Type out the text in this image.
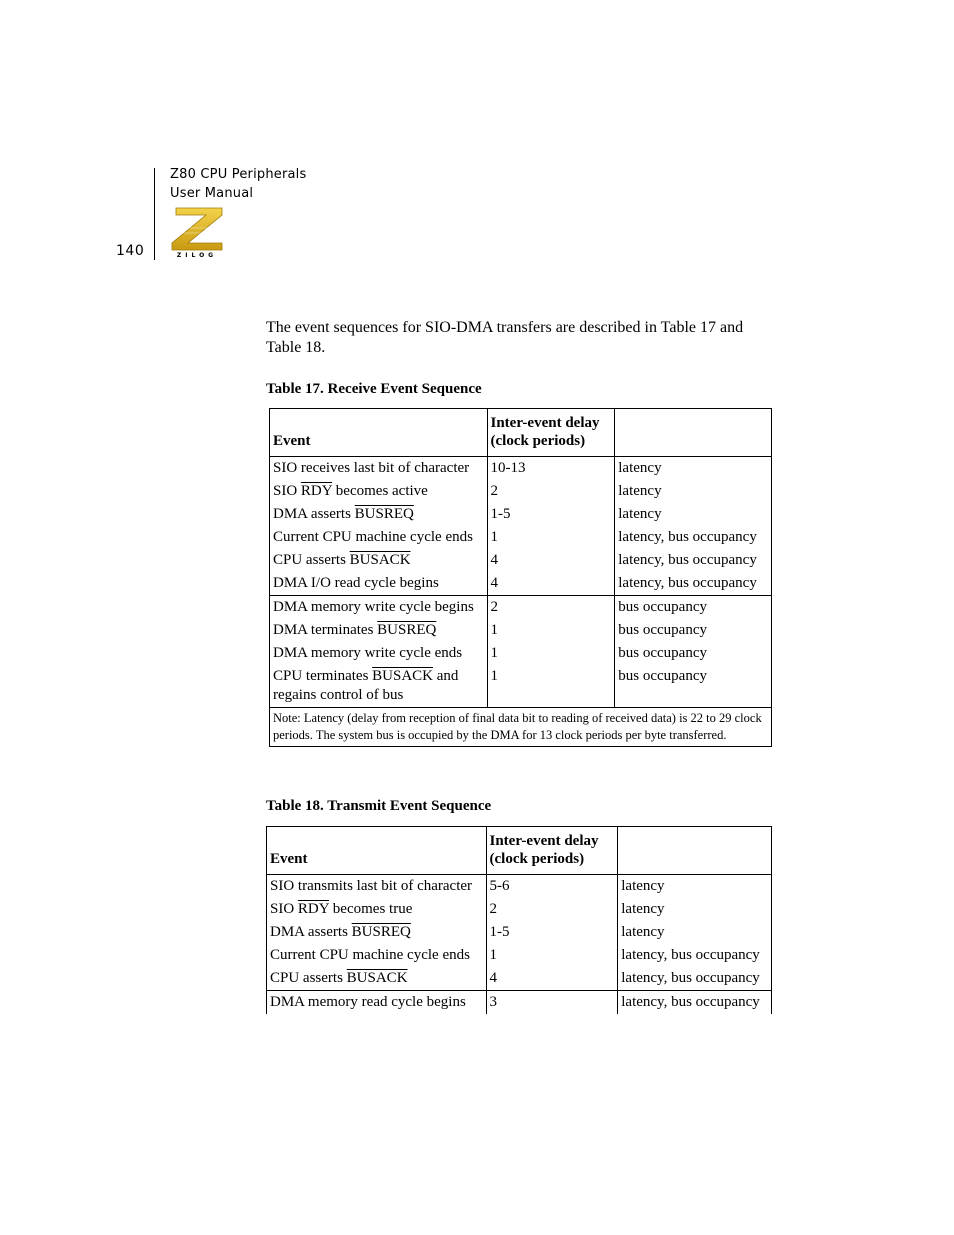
Z80 CPU Peripherals
User Manual
140	ZILOG
The event sequences for SIO-DMA transfers are described in Table 17 and Table 18.
Table 17. Receive Event Sequence
Event	Inter-event delay (clock periods)	
SIO receives last bit of character	10-13	latency
SIO $\overline{RDY}$ becomes active	2	latency
DMA asserts BUSREQ	1-5	latency
Current CPU machine cycle ends	1	latency, bus occupancy
CPU asserts BUSACK	4	latency, bus occupancy
DMA I/O read cycle begins	4	latency, bus occupancy
DMA memory write cycle begins	2	bus occupancy
DMA terminates BUSREQ	1	bus occupancy
DMA memory write cycle ends	1	bus occupancy
CPU terminates BUSACK and regains control of bus	1	bus occupancy
Note: Latency (delay from reception of final data bit to reading of received data) is 22 to 29 clock periods. The system bus is occupied by the DMA for 13 clock periods per byte transferred.		
Table 18. Transmit Event Sequence
Event	Inter-event delay (clock periods)	
SIO transmits last bit of character	5-6	latency
SIO $\overline{RDY}$ becomes true	2	latency
DMA asserts BUSREQ	1-5	latency
Current CPU machine cycle ends	1	latency, bus occupancy
CPU asserts BUSACK	4	latency, bus occupancy
DMA memory read cycle begins	3	latency, bus occupancy
